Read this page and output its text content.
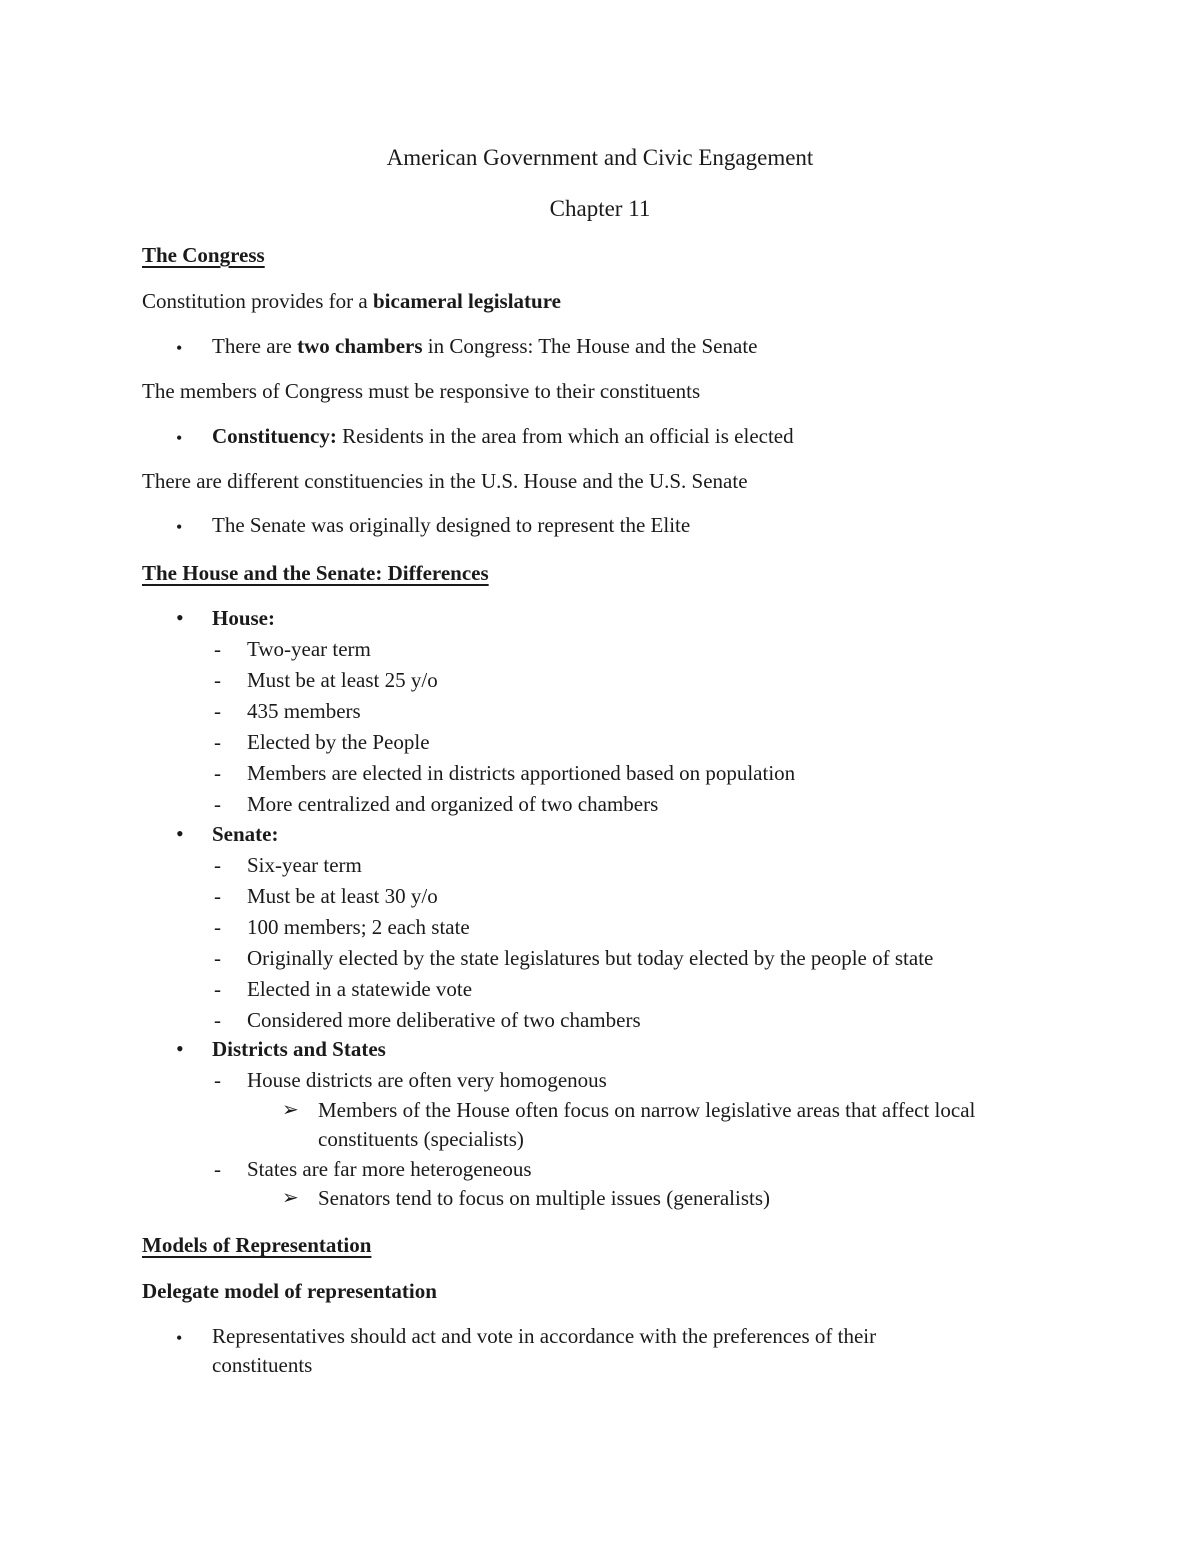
American Government and Civic Engagement
Chapter 11
The Congress
Constitution provides for a bicameral legislature
• There are two chambers in Congress: The House and the Senate
The members of Congress must be responsive to their constituents
• Constituency: Residents in the area from which an official is elected
There are different constituencies in the U.S. House and the U.S. Senate
• The Senate was originally designed to represent the Elite
The House and the Senate: Differences
• House:
- Two-year term
- Must be at least 25 y/o
- 435 members
- Elected by the People
- Members are elected in districts apportioned based on population
- More centralized and organized of two chambers
• Senate:
- Six-year term
- Must be at least 30 y/o
- 100 members; 2 each state
- Originally elected by the state legislatures but today elected by the people of state
- Elected in a statewide vote
- Considered more deliberative of two chambers
• Districts and States
- House districts are often very homogenous
➢ Members of the House often focus on narrow legislative areas that affect local
constituents (specialists)
- States are far more heterogeneous
➢ Senators tend to focus on multiple issues (generalists)
Models of Representation
Delegate model of representation
• Representatives should act and vote in accordance with the preferences of their
constituents
